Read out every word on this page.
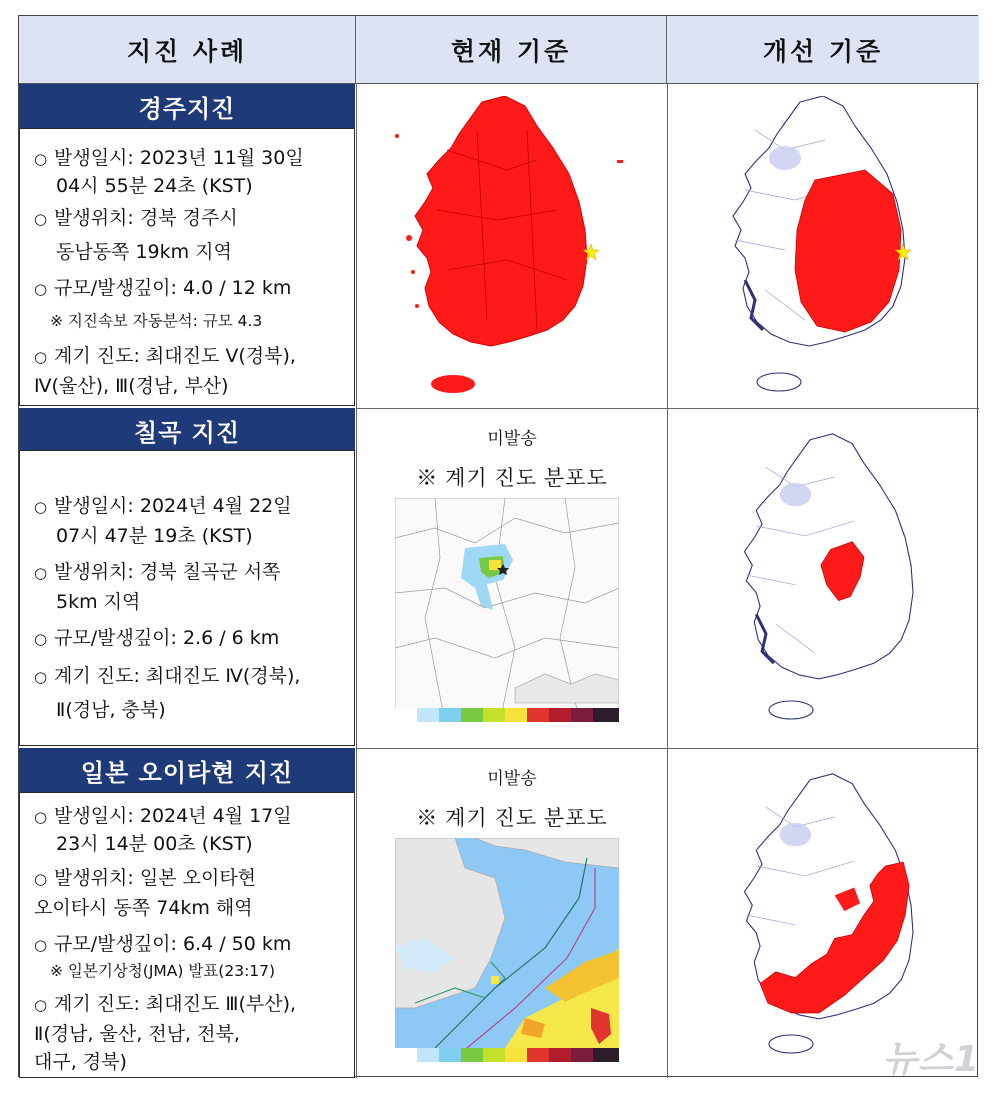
지진 사례	현재 기준	개선 기준
경주지진
○ 발생일시: 2023년 11월 30일
04시 55분 24초 (KST)
○ 발생위치: 경북 경주시
동남동쪽 19km 지역
○ 규모/발생깊이: 4.0 / 12 km
※ 지진속보 자동분석: 규모 4.3
○ 계기 진도: 최대진도 Ⅴ(경북),
Ⅳ(울산), Ⅲ(경남, 부산)
칠곡 지진
○ 발생일시: 2024년 4월 22일
07시 47분 19초 (KST)
○ 발생위치: 경북 칠곡군 서쪽
5km 지역
○ 규모/발생깊이: 2.6 / 6 km
○ 계기 진도: 최대진도 Ⅳ(경북),
Ⅱ(경남, 충북)
미발송
※ 계기 진도 분포도
일본 오이타현 지진
○ 발생일시: 2024년 4월 17일
23시 14분 00초 (KST)
○ 발생위치: 일본 오이타현
오이타시 동쪽 74km 해역
○ 규모/발생깊이: 6.4 / 50 km
※ 일본기상청(JMA) 발표(23:17)
○ 계기 진도: 최대진도 Ⅲ(부산),
Ⅱ(경남, 울산, 전남, 전북,
대구, 경북)
미발송
※ 계기 진도 분포도
뉴스1
